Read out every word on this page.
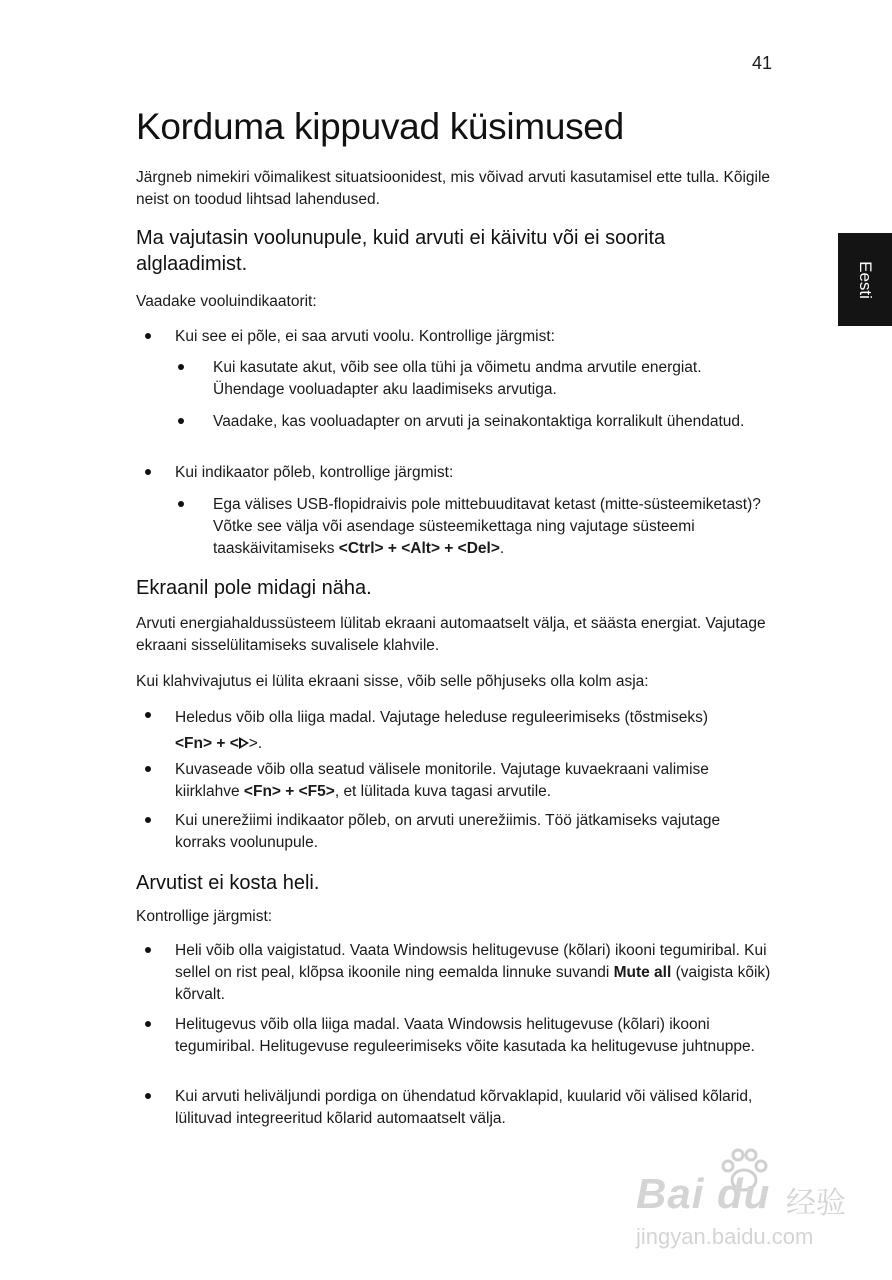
41
Eesti
Korduma kippuvad küsimused
Järgneb nimekiri võimalikest situatsioonidest, mis võivad arvuti kasutamisel ette tulla. Kõigile neist on toodud lihtsad lahendused.
Ma vajutasin voolunupule, kuid arvuti ei käivitu või ei soorita alglaadimist.
Vaadake vooluindikaatorit:
Kui see ei põle, ei saa arvuti voolu. Kontrollige järgmist:
Kui kasutate akut, võib see olla tühi ja võimetu andma arvutile energiat. Ühendage vooluadapter aku laadimiseks arvutiga.
Vaadake, kas vooluadapter on arvuti ja seinakontaktiga korralikult ühendatud.
Kui indikaator põleb, kontrollige järgmist:
Ega välises USB-flopidraivis pole mittebuuditavat ketast (mitte-süsteemiketast)? Võtke see välja või asendage süsteemikettaga ning vajutage süsteemi taaskäivitamiseks <Ctrl> + <Alt> + <Del>.
Ekraanil pole midagi näha.
Arvuti energiahaldussüsteem lülitab ekraani automaatselt välja, et säästa energiat. Vajutage ekraani sisselülitamiseks suvalisele klahvile.
Kui klahvivajutus ei lülita ekraani sisse, võib selle põhjuseks olla kolm asja:
Heledus võib olla liiga madal. Vajutage heleduse reguleerimiseks (tõstmiseks)
<Fn> + < >.
Kuvaseade võib olla seatud välisele monitorile. Vajutage kuvaekraani valimise kiirklahve <Fn> + <F5>, et lülitada kuva tagasi arvutile.
Kui unerežiimi indikaator põleb, on arvuti unerežiimis. Töö jätkamiseks vajutage korraks voolunupule.
Arvutist ei kosta heli.
Kontrollige järgmist:
Heli võib olla vaigistatud. Vaata Windowsis helitugevuse (kõlari) ikooni tegumiribal. Kui sellel on rist peal, klõpsa ikoonile ning eemalda linnuke suvandi Mute all (vaigista kõik) kõrvalt.
Helitugevus võib olla liiga madal. Vaata Windowsis helitugevuse (kõlari) ikooni tegumiribal. Helitugevuse reguleerimiseks võite kasutada ka helitugevuse juhtnuppe.
Kui arvuti heliväljundi pordiga on ühendatud kõrvaklapid, kuularid või välised kõlarid, lülituvad integreeritud kõlarid automaatselt välja.
Bai du 经验
jingyan.baidu.com
